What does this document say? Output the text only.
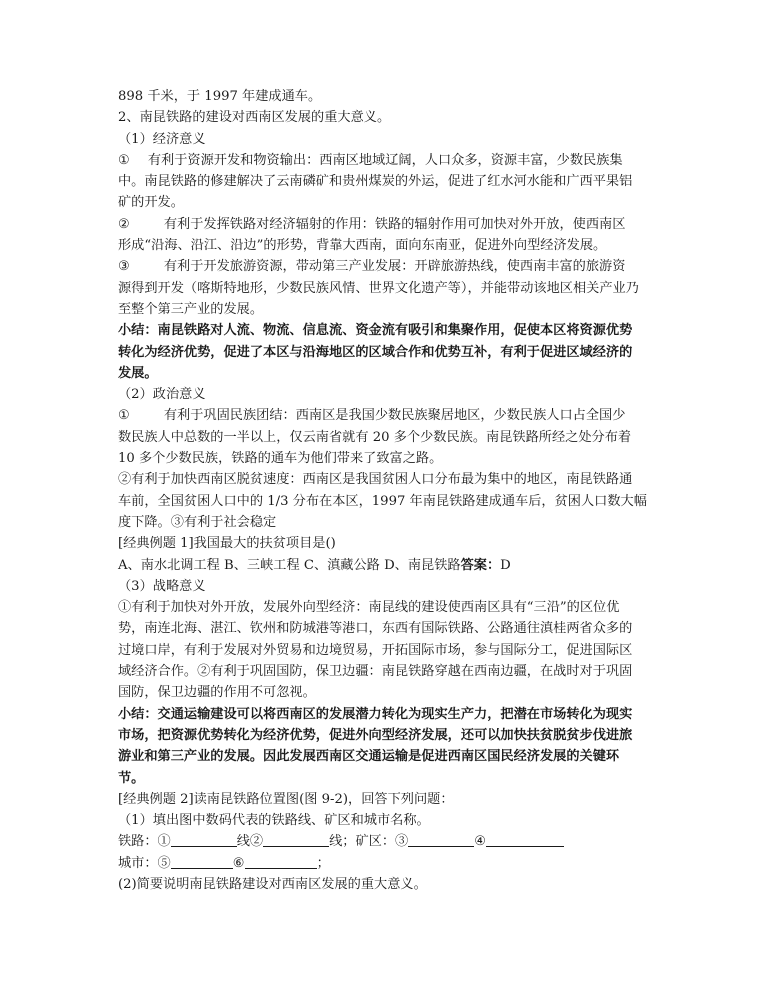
898 千米，于 1997 年建成通车。
2、南昆铁路的建设对西南区发展的重大意义。
（1）经济意义
① 有利于资源开发和物资输出：西南区地域辽阔，人口众多，资源丰富，少数民族集
中。南昆铁路的修建解决了云南磷矿和贵州煤炭的外运，促进了红水河水能和广西平果铝
矿的开发。
②	有利于发挥铁路对经济辐射的作用：铁路的辐射作用可加快对外开放，使西南区
形成“沿海、沿江、沿边”的形势，背靠大西南，面向东南亚，促进外向型经济发展。
③	有利于开发旅游资源，带动第三产业发展：开辟旅游热线，使西南丰富的旅游资
源得到开发（喀斯特地形，少数民族风情、世界文化遗产等），并能带动该地区相关产业乃
至整个第三产业的发展。
小结：南昆铁路对人流、物流、信息流、资金流有吸引和集聚作用，促使本区将资源优势
转化为经济优势，促进了本区与沿海地区的区域合作和优势互补，有利于促进区域经济的
发展。
（2）政治意义
①	有利于巩固民族团结：西南区是我国少数民族聚居地区，少数民族人口占全国少
数民族人中总数的一半以上，仅云南省就有 20 多个少数民族。南昆铁路所经之处分布着
10 多个少数民族，铁路的通车为他们带来了致富之路。
②有利于加快西南区脱贫速度：西南区是我国贫困人口分布最为集中的地区，南昆铁路通
车前，全国贫困人口中的 1/3 分布在本区，1997 年南昆铁路建成通车后，贫困人口数大幅
度下降。③有利于社会稳定
[经典例题 1]我国最大的扶贫项目是()
A、南水北调工程 B、三峡工程 C、滇藏公路 D、南昆铁路答案：D
（3）战略意义
①有利于加快对外开放，发展外向型经济：南昆线的建设使西南区具有“三沿”的区位优
势，南连北海、湛江、钦州和防城港等港口，东西有国际铁路、公路通往滇桂两省众多的
过境口岸，有利于发展对外贸易和边境贸易，开拓国际市场，参与国际分工，促进国际区
域经济合作。②有利于巩固国防，保卫边疆：南昆铁路穿越在西南边疆，在战时对于巩固
国防，保卫边疆的作用不可忽视。
小结：交通运输建设可以将西南区的发展潜力转化为现实生产力，把潜在市场转化为现实
市场，把资源优势转化为经济优势，促进外向型经济发展，还可以加快扶贫脱贫步伐进旅
游业和第三产业的发展。因此发展西南区交通运输是促进西南区国民经济发展的关键环
节。
[经典例题 2]读南昆铁路位置图(图 9-2)，回答下列问题：
（1）填出图中数码代表的铁路线、矿区和城市名称。
铁路：①	线②	线；矿区：③	④
城市：⑤	⑥	；
(2)简要说明南昆铁路建设对西南区发展的重大意义。
